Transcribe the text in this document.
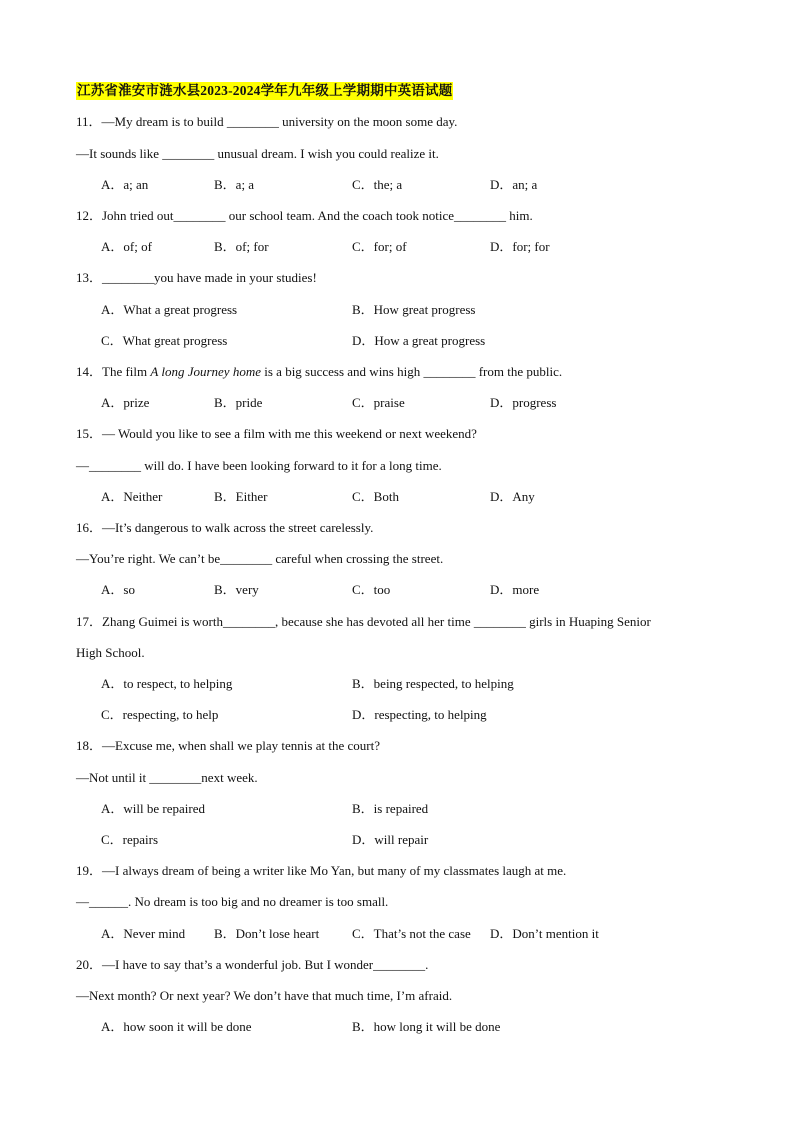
江苏省淮安市涟水县2023-2024学年九年级上学期期中英语试题
11．—My dream is to build ________ university on the moon some day.
—It sounds like ________ unusual dream. I wish you could realize it.
A．a; an	B．a; a	C．the; a	D．an; a
12．John tried out________ our school team. And the coach took notice________ him.
A．of; of	B．of; for	C．for; of	D．for; for
13．________you have made in your studies!
A．What a great progress	B．How great progress
C．What great progress	D．How a great progress
14．The film A long Journey home is a big success and wins high ________ from the public.
A．prize	B．pride	C．praise	D．progress
15．— Would you like to see a film with me this weekend or next weekend?
—________ will do. I have been looking forward to it for a long time.
A．Neither	B．Either	C．Both	D．Any
16．—It’s dangerous to walk across the street carelessly.
—You’re right. We can’t be________ careful when crossing the street.
A．so	B．very	C．too	D．more
17．Zhang Guimei is worth________, because she has devoted all her time ________ girls in Huaping Senior
High School.
A．to respect, to helping	B．being respected, to helping
C．respecting, to help	D．respecting, to helping
18．—Excuse me, when shall we play tennis at the court?
—Not until it ________next week.
A．will be repaired	B．is repaired
C．repairs	D．will repair
19．—I always dream of being a writer like Mo Yan, but many of my classmates laugh at me.
—______. No dream is too big and no dreamer is too small.
A．Never mind B．Don’t lose heart	C．That’s not the case D．Don’t mention it
20．—I have to say that’s a wonderful job. But I wonder________.
—Next month? Or next year? We don’t have that much time, I’m afraid.
A．how soon it will be done	B．how long it will be done
